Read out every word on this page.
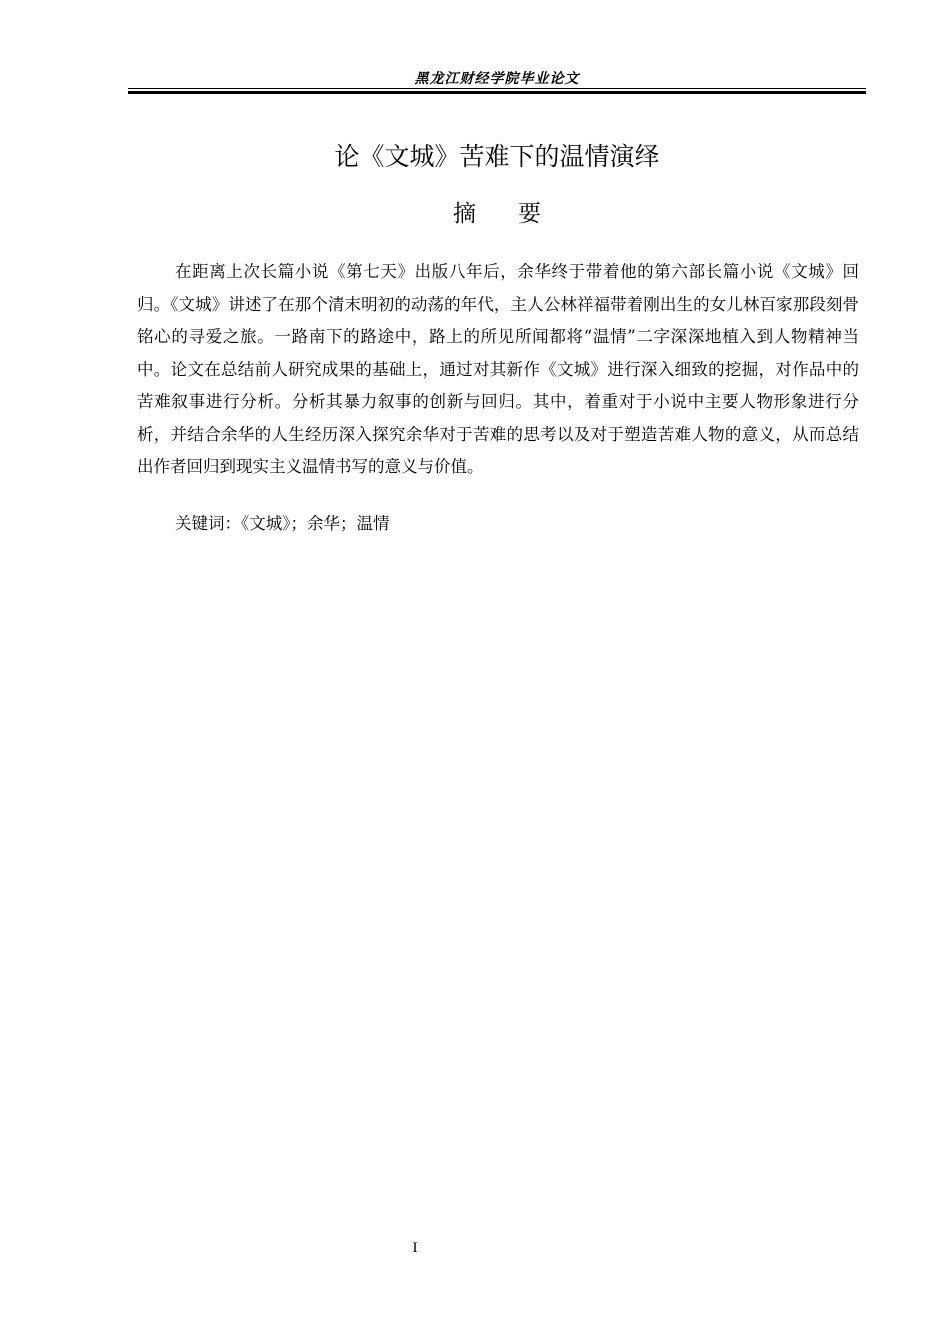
黑龙江财经学院毕业论文
论《文城》苦难下的温情演绎
摘要

在距离上次长篇小说《第七天》出版八年后，余华终于带着他的第六部长篇小说《文城》回归。《文城》讲述了在那个清末明初的动荡的年代，主人公林祥福带着刚出生的女儿林百家那段刻骨铭心的寻爱之旅。一路南下的路途中，路上的所见所闻都将“温情”二字深深地植入到人物精神当中。论文在总结前人研究成果的基础上，通过对其新作《文城》进行深入细致的挖掘，对作品中的苦难叙事进行分析。分析其暴力叙事的创新与回归。其中，着重对于小说中主要人物形象进行分析，并结合余华的人生经历深入探究余华对于苦难的思考以及对于塑造苦难人物的意义，从而总结出作者回归到现实主义温情书写的意义与价值。

关键词：《文城》；余华；温情
I
